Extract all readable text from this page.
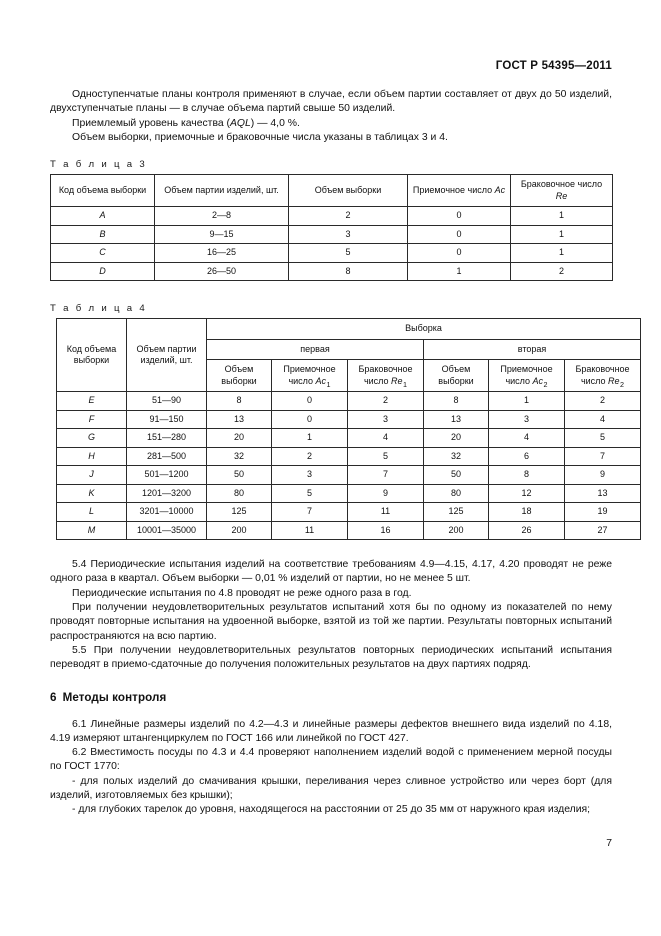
ГОСТ Р 54395—2011

Одноступенчатые планы контроля применяют в случае, если объем партии составляет от двух до 50 изделий, двухступенчатые планы — в случае объема партий свыше 50 изделий.

Приемлемый уровень качества (AQL) — 4,0 %.

Объем выборки, приемочные и браковочные числа указаны в таблицах 3 и 4.

Т а б л и ц а 3
Код объема выборки	Объем партии изделий, шт.	Объем выборки	Приемочное число Ac	Браковочное число Re
A	2—8	2	0	1
B	9—15	3	0	1
C	16—25	5	0	1
D	26—50	8	1	2
Т а б л и ц а 4
Код объема выборки	Объем партии изделий, шт.	Выборка					
		первая			вторая		
		Объем выборки	Приемочное число $Ac_1$	Браковочное число $Re_1$	Объем выборки	Приемочное число $Ac_2$	Браковочное число $Re_2$
E	51—90	8	0	2	8	1	2
F	91—150	13	0	3	13	3	4
G	151—280	20	1	4	20	4	5
H	281—500	32	2	5	32	6	7
J	501—1200	50	3	7	50	8	9
K	1201—3200	80	5	9	80	12	13
L	3201—10000	125	7	11	125	18	19
M	10001—35000	200	11	16	200	26	27

5.4 Периодические испытания изделий на соответствие требованиям 4.9—4.15, 4.17, 4.20 проводят не реже одного раза в квартал. Объем выборки — 0,01 % изделий от партии, но не менее 5 шт.

Периодические испытания по 4.8 проводят не реже одного раза в год.

При получении неудовлетворительных результатов испытаний хотя бы по одному из показателей по нему проводят повторные испытания на удвоенной выборке, взятой из той же партии. Результаты повторных испытаний распространяются на всю партию.

5.5 При получении неудовлетворительных результатов повторных периодических испытаний испытания переводят в приемо-сдаточные до получения положительных результатов на двух партиях подряд.

6 Методы контроля

6.1 Линейные размеры изделий по 4.2—4.3 и линейные размеры дефектов внешнего вида изделий по 4.18, 4.19 измеряют штангенциркулем по ГОСТ 166 или линейкой по ГОСТ 427.

6.2 Вместимость посуды по 4.3 и 4.4 проверяют наполнением изделий водой с применением мерной посуды по ГОСТ 1770:

- для полых изделий до смачивания крышки, переливания через сливное устройство или через борт (для изделий, изготовляемых без крышки);

- для глубоких тарелок до уровня, находящегося на расстоянии от 25 до 35 мм от наружного края изделия;

7
